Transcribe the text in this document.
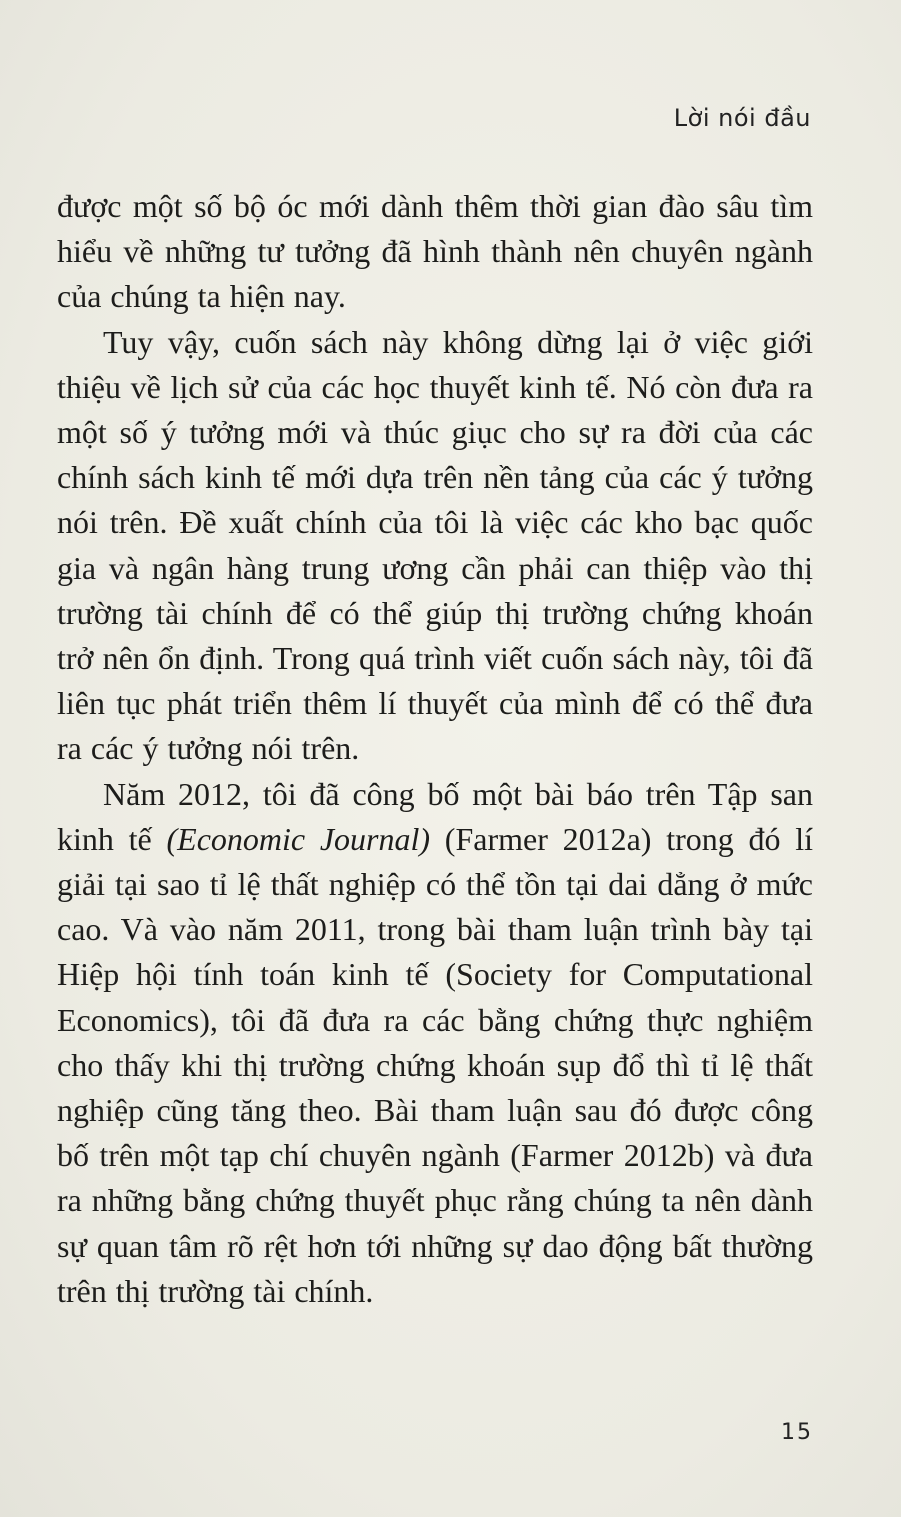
Lời nói đầu

được một số bộ óc mới dành thêm thời gian đào sâu tìm hiểu về những tư tưởng đã hình thành nên chuyên ngành của chúng ta hiện nay.

Tuy vậy, cuốn sách này không dừng lại ở việc giới thiệu về lịch sử của các học thuyết kinh tế. Nó còn đưa ra một số ý tưởng mới và thúc giục cho sự ra đời của các chính sách kinh tế mới dựa trên nền tảng của các ý tưởng nói trên. Đề xuất chính của tôi là việc các kho bạc quốc gia và ngân hàng trung ương cần phải can thiệp vào thị trường tài chính để có thể giúp thị trường chứng khoán trở nên ổn định. Trong quá trình viết cuốn sách này, tôi đã liên tục phát triển thêm lí thuyết của mình để có thể đưa ra các ý tưởng nói trên.

Năm 2012, tôi đã công bố một bài báo trên Tập san kinh tế (Economic Journal) (Farmer 2012a) trong đó lí giải tại sao tỉ lệ thất nghiệp có thể tồn tại dai dẳng ở mức cao. Và vào năm 2011, trong bài tham luận trình bày tại Hiệp hội tính toán kinh tế (Society for Computational Economics), tôi đã đưa ra các bằng chứng thực nghiệm cho thấy khi thị trường chứng khoán sụp đổ thì tỉ lệ thất nghiệp cũng tăng theo. Bài tham luận sau đó được công bố trên một tạp chí chuyên ngành (Farmer 2012b) và đưa ra những bằng chứng thuyết phục rằng chúng ta nên dành sự quan tâm rõ rệt hơn tới những sự dao động bất thường trên thị trường tài chính.

15
